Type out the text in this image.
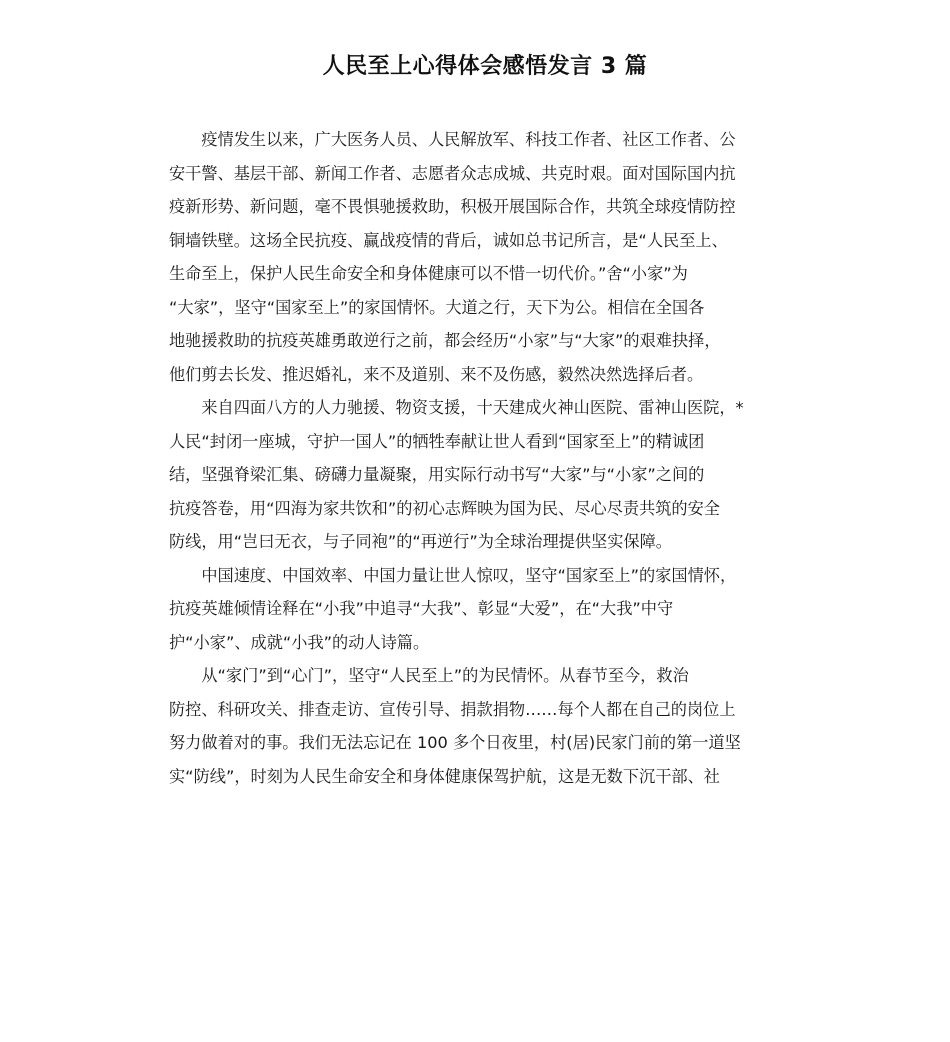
人民至上心得体会感悟发言 3 篇
　　疫情发生以来，广大医务人员、人民解放军、科技工作者、社区工作者、公
安干警、基层干部、新闻工作者、志愿者众志成城、共克时艰。面对国际国内抗
疫新形势、新问题，毫不畏惧驰援救助，积极开展国际合作，共筑全球疫情防控
铜墙铁壁。这场全民抗疫、赢战疫情的背后，诚如总书记所言，是“人民至上、
生命至上，保护人民生命安全和身体健康可以不惜一切代价。”舍“小家”为
“大家”，坚守“国家至上”的家国情怀。大道之行，天下为公。相信在全国各
地驰援救助的抗疫英雄勇敢逆行之前，都会经历“小家”与“大家”的艰难抉择，
他们剪去长发、推迟婚礼，来不及道别、来不及伤感，毅然决然选择后者。
　　来自四面八方的人力驰援、物资支援，十天建成火神山医院、雷神山医院，*
人民“封闭一座城，守护一国人”的牺牲奉献让世人看到“国家至上”的精诚团
结，坚强脊梁汇集、磅礴力量凝聚，用实际行动书写“大家”与“小家”之间的
抗疫答卷，用“四海为家共饮和”的初心志辉映为国为民、尽心尽责共筑的安全
防线，用“岂曰无衣，与子同袍”的“再逆行”为全球治理提供坚实保障。
　　中国速度、中国效率、中国力量让世人惊叹，坚守“国家至上”的家国情怀，
抗疫英雄倾情诠释在“小我”中追寻“大我”、彰显“大爱”，在“大我”中守
护“小家”、成就“小我”的动人诗篇。
　　从“家门”到“心门”，坚守“人民至上”的为民情怀。从春节至今，救治
防控、科研攻关、排查走访、宣传引导、捐款捐物……每个人都在自己的岗位上
努力做着对的事。我们无法忘记在 100 多个日夜里，村(居)民家门前的第一道坚
实“防线”，时刻为人民生命安全和身体健康保驾护航，这是无数下沉干部、社
